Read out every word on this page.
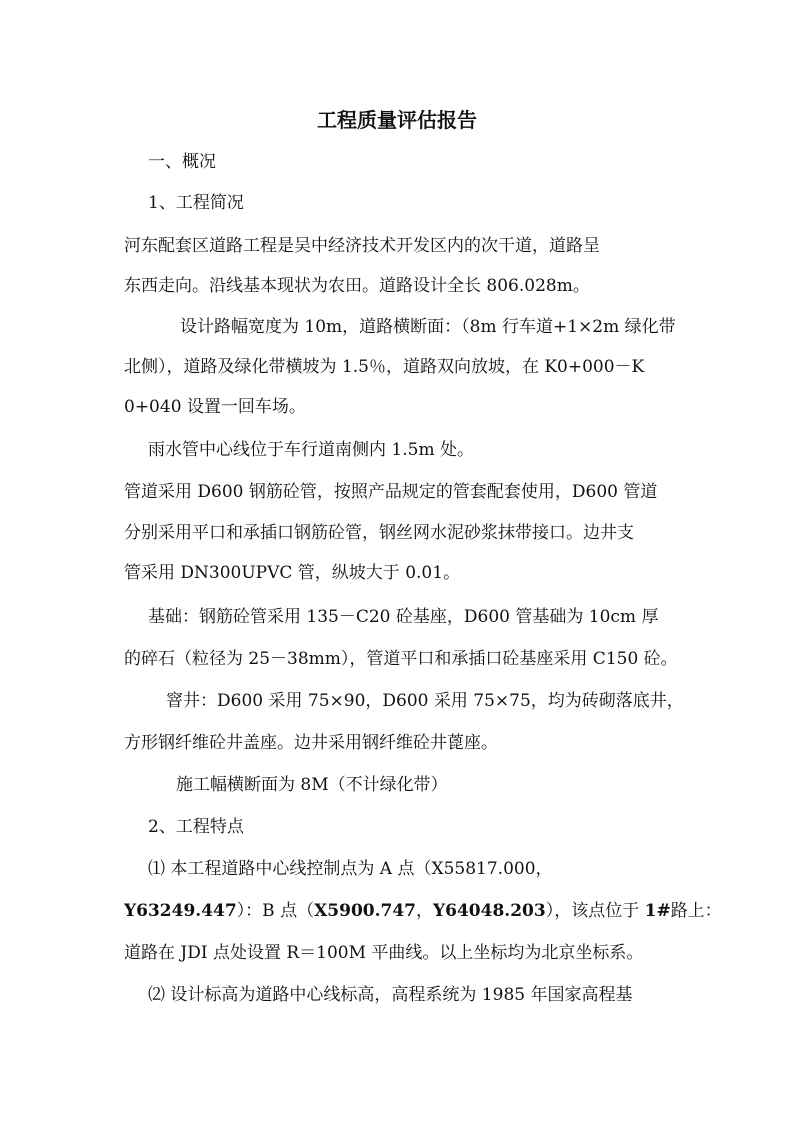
工程质量评估报告
一、概况
1、工程简况
河东配套区道路工程是吴中经济技术开发区内的次干道，道路呈
东西走向。沿线基本现状为农田。道路设计全长 806.028m。
设计路幅宽度为 10m，道路横断面：（8m 行车道+1×2m 绿化带
北侧），道路及绿化带横坡为 1.5％，道路双向放坡，在 K0+000－K
0+040 设置一回车场。
雨水管中心线位于车行道南侧内 1.5m 处。
管道采用 D600 钢筋砼管，按照产品规定的管套配套使用，D600 管道
分别采用平口和承插口钢筋砼管，钢丝网水泥砂浆抹带接口。边井支
管采用 DN300UPVC 管，纵坡大于 0.01。
基础：钢筋砼管采用 135－C20 砼基座，D600 管基础为 10cm 厚
的碎石（粒径为 25－38mm），管道平口和承插口砼基座采用 C150 砼。
窨井：D600 采用 75×90，D600 采用 75×75，均为砖砌落底井，
方形钢纤维砼井盖座。边井采用钢纤维砼井蓖座。
施工幅横断面为 8M（不计绿化带）
2、工程特点
⑴ 本工程道路中心线控制点为 A 点（X55817.000，
Y63249.447）：B 点（X5900.747，Y64048.203），该点位于 1#路上：
道路在 JDI 点处设置 R＝100M 平曲线。以上坐标均为北京坐标系。
⑵ 设计标高为道路中心线标高，高程系统为 1985 年国家高程基
